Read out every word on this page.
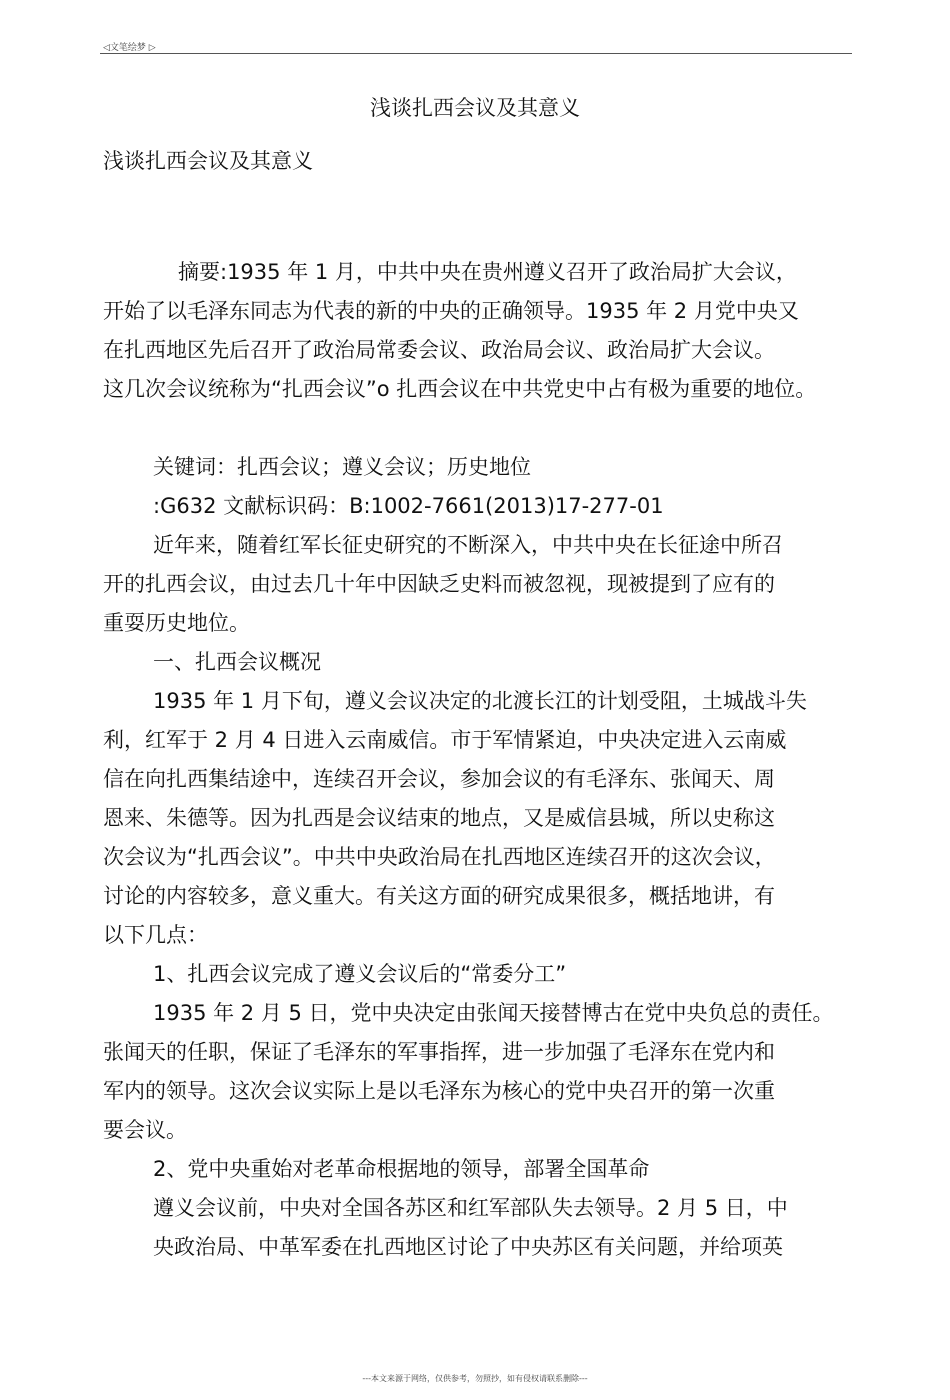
◁文笔绘梦 ▷
浅谈扎西会议及其意义
浅谈扎西会议及其意义
摘要:1935 年 1 月，中共中央在贵州遵义召开了政治局扩大会议，
开始了以毛泽东同志为代表的新的中央的正确领导。1935 年 2 月党中央又
在扎西地区先后召开了政治局常委会议、政治局会议、政治局扩大会议。
这几次会议统称为“扎西会议”o 扎西会议在中共党史中占有极为重要的地位。
关键词：扎西会议；遵义会议；历史地位
:G632 文献标识码：B:1002-7661(2013)17-277-01
近年来，随着红军长征史研究的不断深入，中共中央在长征途中所召
开的扎西会议，由过去几十年中因缺乏史料而被忽视，现被提到了应有的
重耍历史地位。
一、扎西会议概况
1935 年 1 月下旬，遵义会议决定的北渡长江的计划受阻，土城战斗失
利，红军于 2 月 4 日进入云南威信。市于军情紧迫，中央决定进入云南威
信在向扎西集结途中，连续召开会议，参加会议的有毛泽东、张闻天、周
恩来、朱德等。因为扎西是会议结束的地点，又是威信县城，所以史称这
次会议为“扎西会议”。中共中央政治局在扎西地区连续召开的这次会议，
讨论的内容较多，意义重大。有关这方面的研究成果很多，概括地讲，有
以下几点：
1、扎西会议完成了遵义会议后的“常委分工”
1935 年 2 月 5 日，党中央决定由张闻天接替博古在党中央负总的责任。
张闻天的任职，保证了毛泽东的军事指挥，进一步加强了毛泽东在党内和
军内的领导。这次会议实际上是以毛泽东为核心的党中央召开的第一次重
要会议。
2、党中央重始对老革命根据地的领导，部署全国革命
遵义会议前，中央对全国各苏区和红军部队失去领导。2 月 5 日，中
央政治局、中革军委在扎西地区讨论了中央苏区有关问题，并给项英
---本文来源于网络，仅供参考，勿照抄，如有侵权请联系删除---
